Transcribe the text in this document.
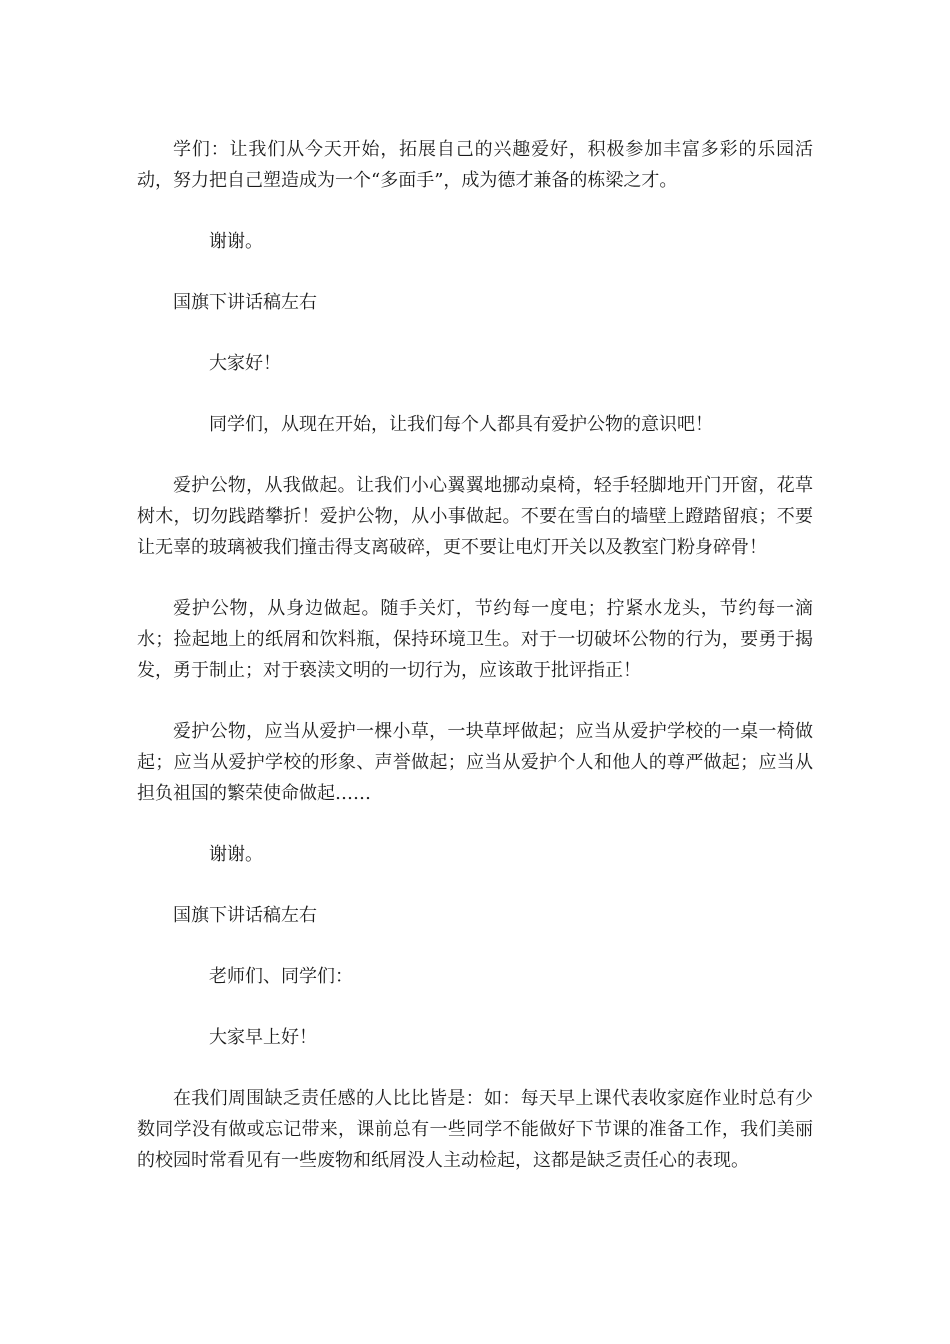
学们：让我们从今天开始，拓展自己的兴趣爱好，积极参加丰富多彩的乐园活动，努力把自己塑造成为一个“多面手”，成为德才兼备的栋梁之才。

谢谢。

国旗下讲话稿左右

大家好！

同学们，从现在开始，让我们每个人都具有爱护公物的意识吧！

爱护公物，从我做起。让我们小心翼翼地挪动桌椅，轻手轻脚地开门开窗，花草树木，切勿践踏攀折！爱护公物，从小事做起。不要在雪白的墙壁上蹬踏留痕；不要让无辜的玻璃被我们撞击得支离破碎，更不要让电灯开关以及教室门粉身碎骨！

爱护公物，从身边做起。随手关灯，节约每一度电；拧紧水龙头，节约每一滴水；捡起地上的纸屑和饮料瓶，保持环境卫生。对于一切破坏公物的行为，要勇于揭发，勇于制止；对于亵渎文明的一切行为，应该敢于批评指正！

爱护公物，应当从爱护一棵小草，一块草坪做起；应当从爱护学校的一桌一椅做起；应当从爱护学校的形象、声誉做起；应当从爱护个人和他人的尊严做起；应当从担负祖国的繁荣使命做起……

谢谢。

国旗下讲话稿左右

老师们、同学们：

大家早上好！

在我们周围缺乏责任感的人比比皆是：如：每天早上课代表收家庭作业时总有少数同学没有做或忘记带来，课前总有一些同学不能做好下节课的准备工作，我们美丽的校园时常看见有一些废物和纸屑没人主动检起，这都是缺乏责任心的表现。
